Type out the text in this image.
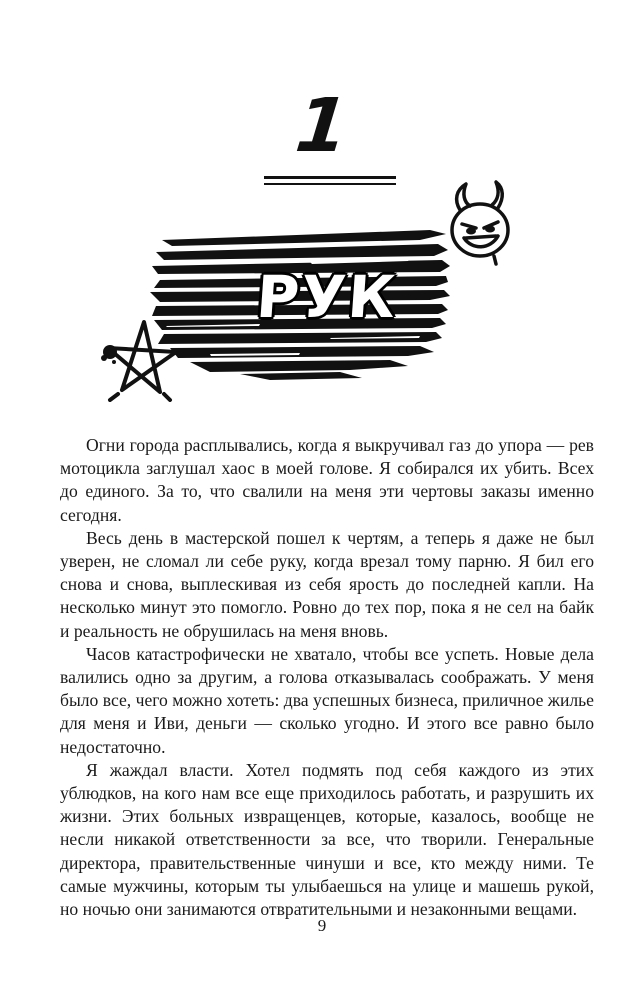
1
РУК

Огни города расплывались, когда я выкручивал газ до упора — рев мотоцикла заглушал хаос в моей голове. Я собирался их убить. Всех до единого. За то, что свалили на меня эти чертовы заказы именно сегодня.

Весь день в мастерской пошел к чертям, а теперь я даже не был уверен, не сломал ли себе руку, когда врезал тому парню. Я бил его снова и снова, выплескивая из себя ярость до последней капли. На несколько минут это помогло. Ровно до тех пор, пока я не сел на байк и реальность не обрушилась на меня вновь.

Часов катастрофически не хватало, чтобы все успеть. Новые дела валились одно за другим, а голова отказывалась соображать. У меня было все, чего можно хотеть: два успешных бизнеса, приличное жилье для меня и Иви, деньги — сколько угодно. И этого все равно было недостаточно.

Я жаждал власти. Хотел подмять под себя каждого из этих ублюдков, на кого нам все еще приходилось работать, и разрушить их жизни. Этих больных извращенцев, которые, казалось, вообще не несли никакой ответственности за все, что творили. Генеральные директора, правительственные чинуши и все, кто между ними. Те самые мужчины, которым ты улыбаешься на улице и машешь рукой, но ночью они занимаются отвратительными и незаконными вещами.

9
